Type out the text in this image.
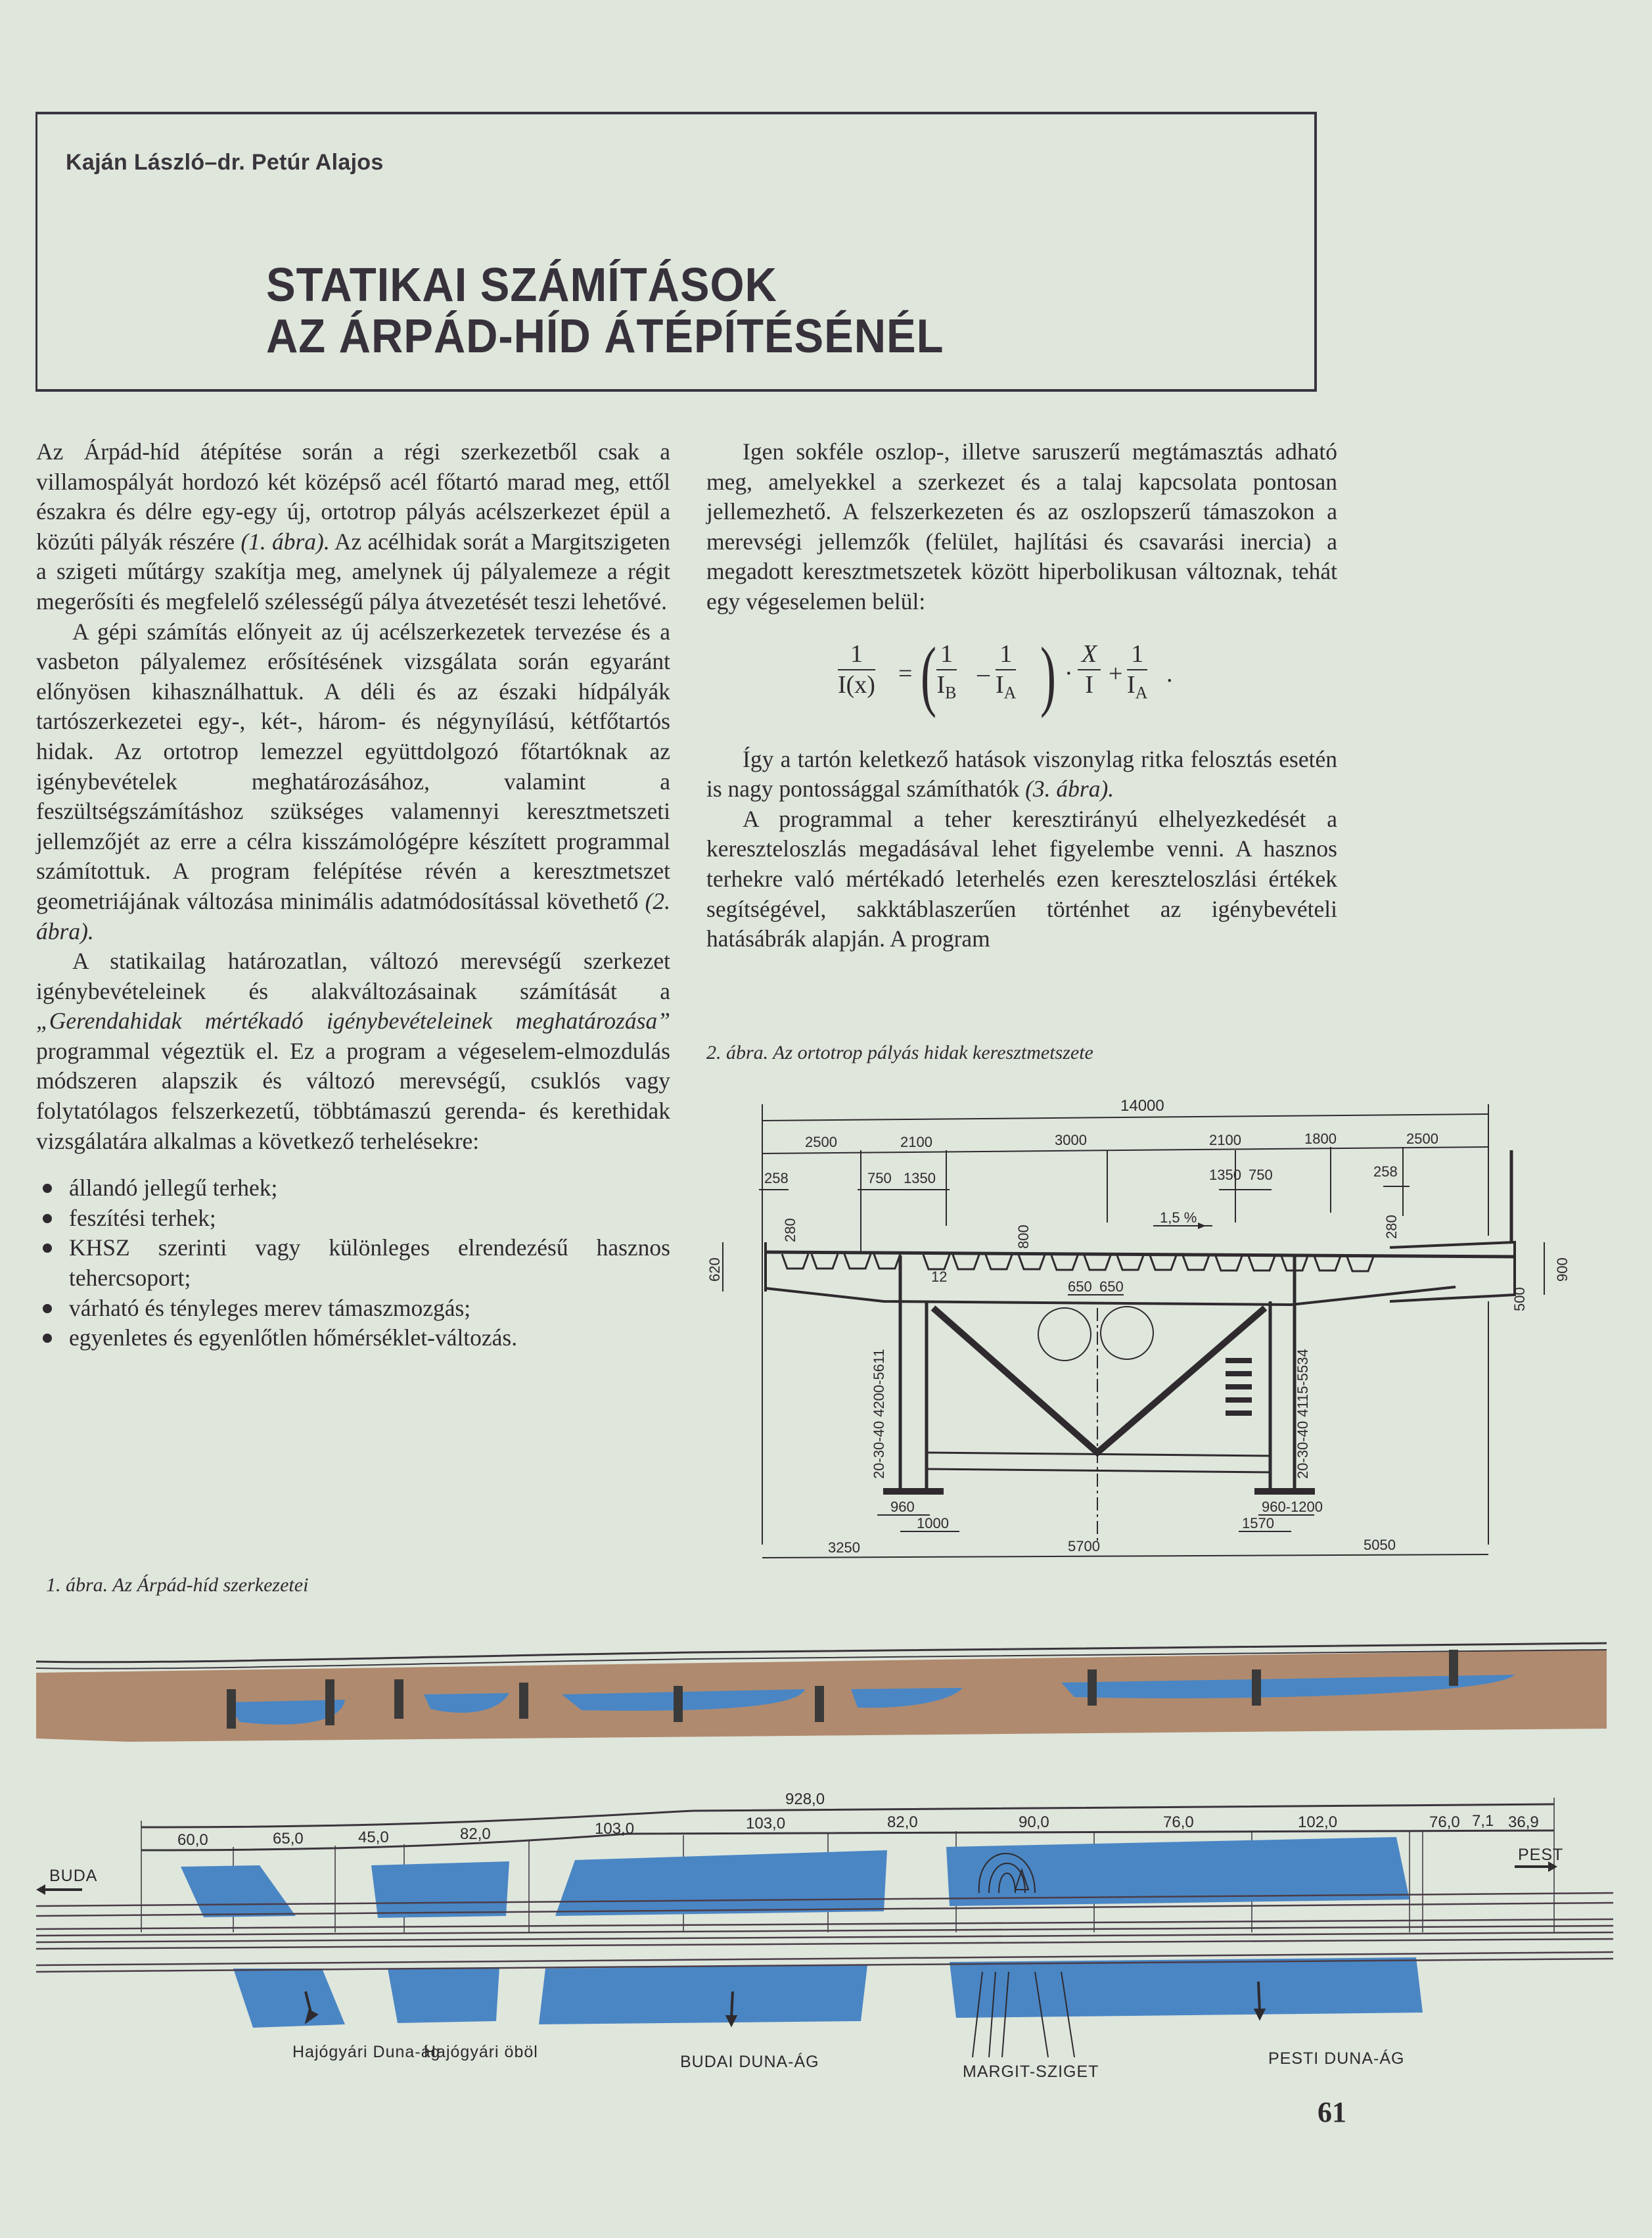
Kaján László–dr. Petúr Alajos
STATIKAI SZÁMÍTÁSOK
AZ ÁRPÁD-HÍD ÁTÉPÍTÉSÉNÉL

Az Árpád-híd átépítése során a régi szerkezetből csak a villamospályát hordozó két középső acél főtartó marad meg, ettől északra és délre egy-egy új, ortotrop pályás acélszerkezet épül a közúti pályák részére (1. ábra). Az acélhidak sorát a Margitszigeten a szigeti műtárgy szakítja meg, amelynek új pályalemeze a régit megerősíti és megfelelő szélességű pálya átvezetését teszi lehetővé.

A gépi számítás előnyeit az új acélszerkezetek tervezése és a vasbeton pályalemez erősítésének vizsgálata során egyaránt előnyösen kihasználhattuk. A déli és az északi hídpályák tartószerkezetei egy-, két-, három- és négynyílású, kétfőtartós hidak. Az ortotrop lemezzel együttdolgozó főtartóknak az igénybevételek meghatározásához, valamint a feszültségszámításhoz szükséges valamennyi keresztmetszeti jellemzőjét az erre a célra kisszámológépre készített programmal számítottuk. A program felépítése révén a keresztmetszet geometriájának változása minimális adatmódosítással követhető (2. ábra).

A statikailag határozatlan, változó merevségű szerkezet igénybevételeinek és alakváltozásainak számítását a „Gerendahidak mértékadó igénybevételeinek meghatározása” programmal végeztük el. Ez a program a végeselem-elmozdulás módszeren alapszik és változó merevségű, csuklós vagy folytatólagos felszerkezetű, többtámaszú gerenda- és kerethidak vizsgálatára alkalmas a következő terhelésekre:

állandó jellegű terhek;
feszítési terhek;
KHSZ szerinti vagy különleges elrendezésű hasznos tehercsoport;
várható és tényleges merev támaszmozgás;
egyenletes és egyenlőtlen hőmérséklet-változás.

Igen sokféle oszlop-, illetve saruszerű megtámasztás adható meg, amelyekkel a szerkezet és a talaj kapcsolata pontosan jellemezhető. A felszerkezeten és az oszlopszerű támaszokon a merevségi jellemzők (felület, hajlítási és csavarási inercia) a megadott keresztmetszetek között hiperbolikusan változnak, tehát egy végeselemen belül:

$\frac{1}{I(x)}$ = ( $\frac{1}{I_B} - \frac{1}{I_A}$ ) · $\frac{X}{I} + \frac{1}{I_A}$ .

Így a tartón keletkező hatások viszonylag ritka felosztás esetén is nagy pontossággal számíthatók (3. ábra).

A programmal a teher keresztirányú elhelyezkedését a kereszteloszlás megadásával lehet figyelembe venni. A hasznos terhekre való mértékadó leterhelés ezen kereszteloszlási értékek segítségével, sakktáblaszerűen történhet az igénybevételi hatásábrák alapján. A program

2. ábra. Az ortotrop pályás hidak keresztmetszete
14000
2500	2100	3000	2100	1800	2500
258	750 1350	1350 750	258
1,5 %
620	900
500
280	280
800
12
20-30-40 4200-5611	20-30-40 4115-5534
650 650
960
1000
960-1200
1570
3250	5700	5050
1. ábra. Az Árpád-híd szerkezetei
928,0
60,0	65,0	45,0	82,0	103,0	103,0	82,0	90,0	76,0	102,0	76,0 7,1 36,9
BUDA
PEST
Hajógyári Duna-ág
Hajógyári öböl
BUDAI DUNA-ÁG
MARGIT-SZIGET
PESTI DUNA-ÁG
61
